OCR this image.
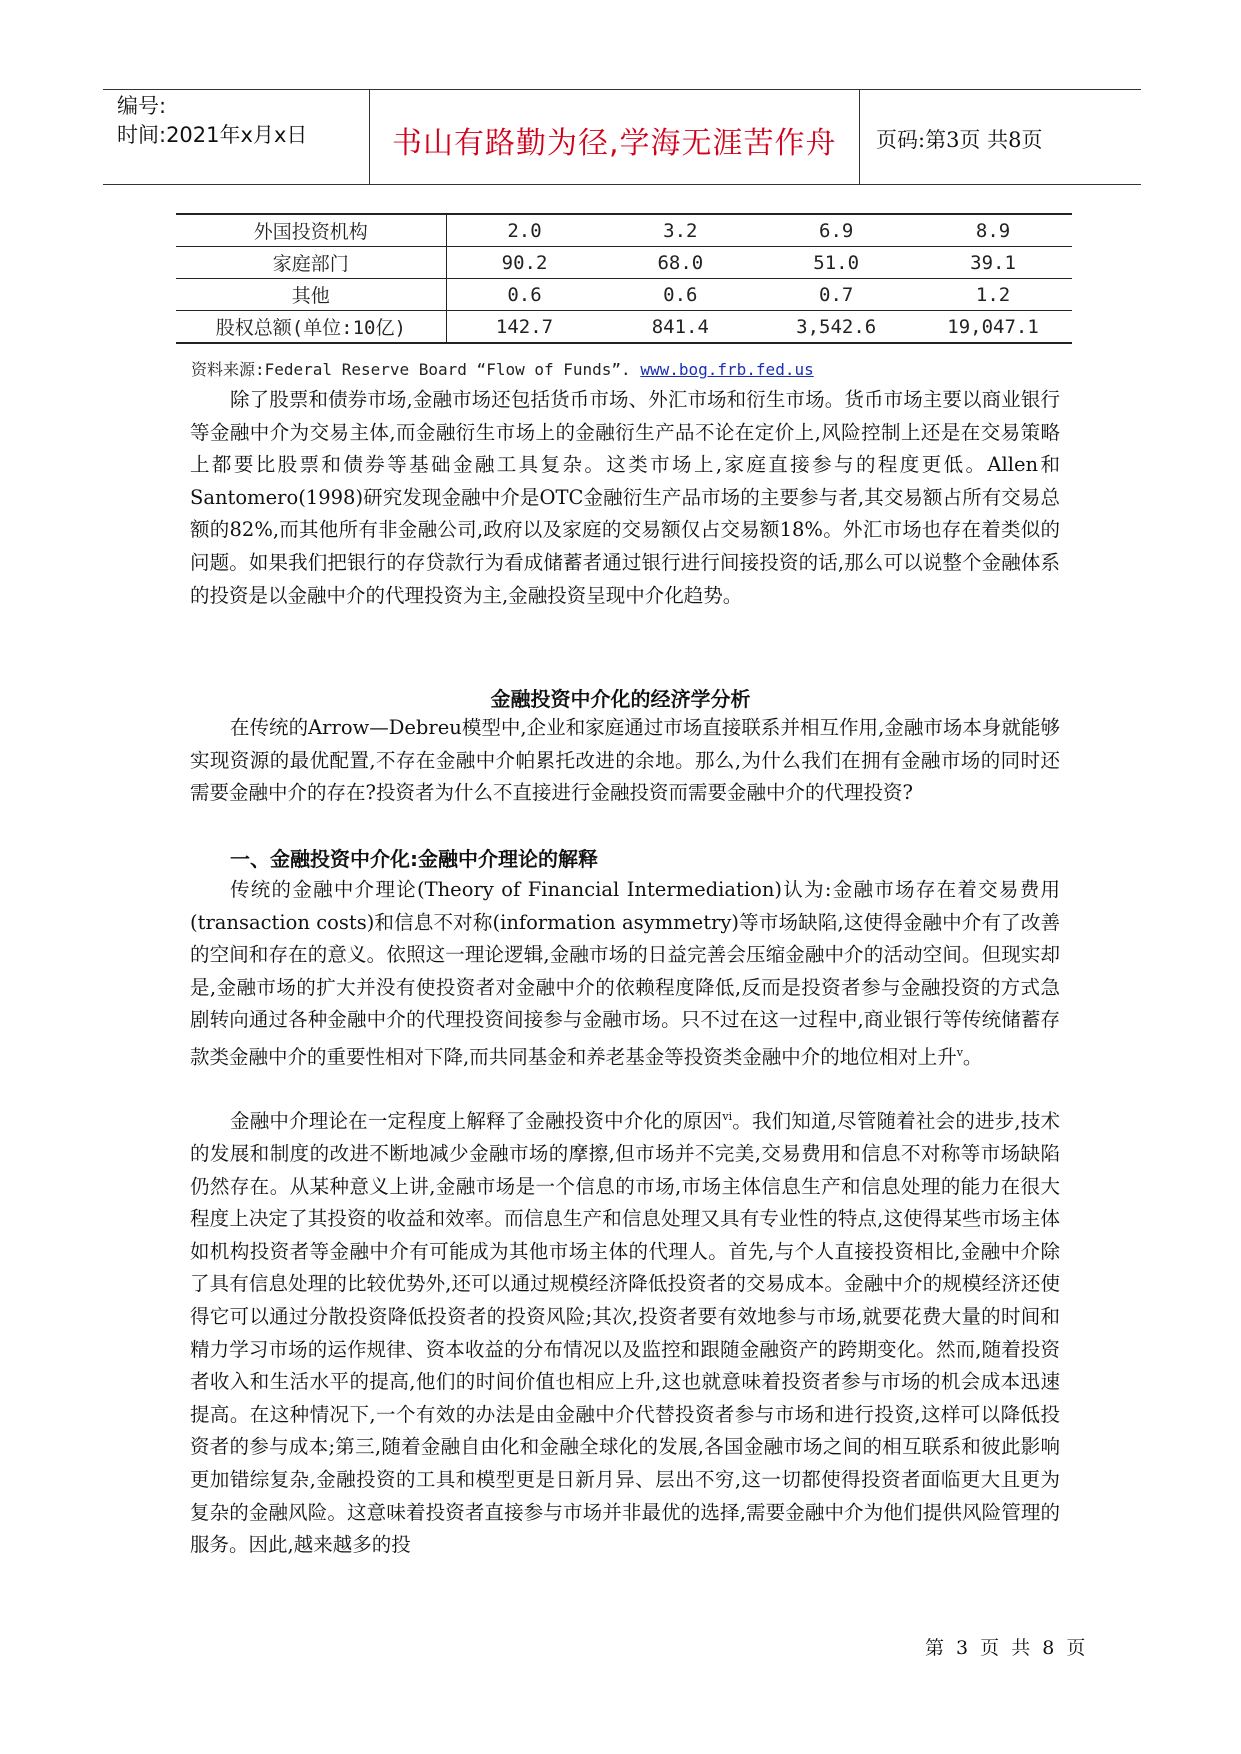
编号:
时间:2021年x月x日	书山有路勤为径,学海无涯苦作舟 页码:第3页 共8页
外国投资机构	2.0	3.2	6.9	8.9
家庭部门	90.2	68.0	51.0	39.1
其他	0.6	0.6	0.7	1.2
股权总额(单位:10亿)	142.7	841.4	3,542.6	19,047.1
资料来源:Federal Reserve Board “Flow of Funds”. www.bog.frb.fed.us

除了股票和债券市场,金融市场还包括货币市场、外汇市场和衍生市场。货币市场主要以商业银行等金融中介为交易主体,而金融衍生市场上的金融衍生产品不论在定价上,风险控制上还是在交易策略上都要比股票和债券等基础金融工具复杂。这类市场上,家庭直接参与的程度更低。Allen和Santomero(1998)研究发现金融中介是OTC金融衍生产品市场的主要参与者,其交易额占所有交易总额的82%,而其他所有非金融公司,政府以及家庭的交易额仅占交易额18%。外汇市场也存在着类似的问题。如果我们把银行的存贷款行为看成储蓄者通过银行进行间接投资的话,那么可以说整个金融体系的投资是以金融中介的代理投资为主,金融投资呈现中介化趋势。

金融投资中介化的经济学分析

在传统的Arrow—Debreu模型中,企业和家庭通过市场直接联系并相互作用,金融市场本身就能够实现资源的最优配置,不存在金融中介帕累托改进的余地。那么,为什么我们在拥有金融市场的同时还需要金融中介的存在?投资者为什么不直接进行金融投资而需要金融中介的代理投资?

一、金融投资中介化:金融中介理论的解释

传统的金融中介理论(Theory of Financial Intermediation)认为:金融市场存在着交易费用(transaction costs)和信息不对称(information asymmetry)等市场缺陷,这使得金融中介有了改善的空间和存在的意义。依照这一理论逻辑,金融市场的日益完善会压缩金融中介的活动空间。但现实却是,金融市场的扩大并没有使投资者对金融中介的依赖程度降低,反而是投资者参与金融投资的方式急剧转向通过各种金融中介的代理投资间接参与金融市场。只不过在这一过程中,商业银行等传统储蓄存款类金融中介的重要性相对下降,而共同基金和养老基金等投资类金融中介的地位相对上升$^v$。

金融中介理论在一定程度上解释了金融投资中介化的原因$^{vi}$。我们知道,尽管随着社会的进步,技术的发展和制度的改进不断地减少金融市场的摩擦,但市场并不完美,交易费用和信息不对称等市场缺陷仍然存在。从某种意义上讲,金融市场是一个信息的市场,市场主体信息生产和信息处理的能力在很大程度上决定了其投资的收益和效率。而信息生产和信息处理又具有专业性的特点,这使得某些市场主体如机构投资者等金融中介有可能成为其他市场主体的代理人。首先,与个人直接投资相比,金融中介除了具有信息处理的比较优势外,还可以通过规模经济降低投资者的交易成本。金融中介的规模经济还使得它可以通过分散投资降低投资者的投资风险;其次,投资者要有效地参与市场,就要花费大量的时间和精力学习市场的运作规律、资本收益的分布情况以及监控和跟随金融资产的跨期变化。然而,随着投资者收入和生活水平的提高,他们的时间价值也相应上升,这也就意味着投资者参与市场的机会成本迅速提高。在这种情况下,一个有效的办法是由金融中介代替投资者参与市场和进行投资,这样可以降低投资者的参与成本;第三,随着金融自由化和金融全球化的发展,各国金融市场之间的相互联系和彼此影响更加错综复杂,金融投资的工具和模型更是日新月异、层出不穷,这一切都使得投资者面临更大且更为复杂的金融风险。这意味着投资者直接参与市场并非最优的选择,需要金融中介为他们提供风险管理的服务。因此,越来越多的投

第 3 页 共 8 页
